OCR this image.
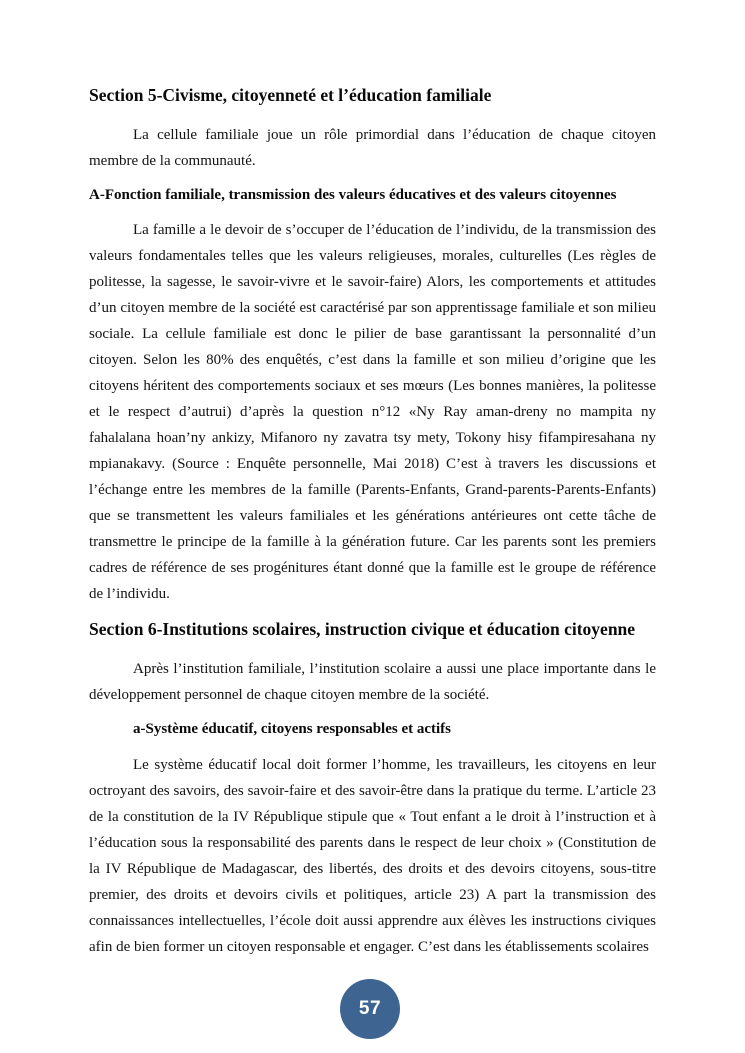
Section 5-Civisme, citoyenneté et l’éducation familiale

La cellule familiale joue un rôle primordial dans l’éducation de chaque citoyen membre de la communauté.

A-Fonction familiale, transmission des valeurs éducatives et des valeurs citoyennes

La famille a le devoir de s’occuper de l’éducation de l’individu, de la transmission des valeurs fondamentales telles que les valeurs religieuses, morales, culturelles (Les règles de politesse, la sagesse, le savoir-vivre et le savoir-faire) Alors, les comportements et attitudes d’un citoyen membre de la société est caractérisé par son apprentissage familiale et son milieu sociale. La cellule familiale est donc le pilier de base garantissant la personnalité d’un citoyen. Selon les 80% des enquêtés, c’est dans la famille et son milieu d’origine que les citoyens héritent des comportements sociaux et ses mœurs (Les bonnes manières, la politesse et le respect d’autrui) d’après la question n°12 «Ny Ray aman-dreny no mampita ny fahalalana hoan’ny ankizy, Mifanoro ny zavatra tsy mety, Tokony hisy fifampiresahana ny mpianakavy. (Source : Enquête personnelle, Mai 2018) C’est à travers les discussions et l’échange entre les membres de la famille (Parents-Enfants, Grand-parents-Parents-Enfants) que se transmettent les valeurs familiales et les générations antérieures ont cette tâche de transmettre le principe de la famille à la génération future. Car les parents sont les premiers cadres de référence de ses progénitures étant donné que la famille est le groupe de référence de l’individu.

Section 6-Institutions scolaires, instruction civique et éducation citoyenne

Après l’institution familiale, l’institution scolaire a aussi une place importante dans le développement personnel de chaque citoyen membre de la société.

a-Système éducatif, citoyens responsables et actifs

Le système éducatif local doit former l’homme, les travailleurs, les citoyens en leur octroyant des savoirs, des savoir-faire et des savoir-être dans la pratique du terme. L’article 23 de la constitution de la IV République stipule que « Tout enfant a le droit à l’instruction et à l’éducation sous la responsabilité des parents dans le respect de leur choix » (Constitution de la IV République de Madagascar, des libertés, des droits et des devoirs citoyens, sous-titre premier, des droits et devoirs civils et politiques, article 23) A part la transmission des connaissances intellectuelles, l’école doit aussi apprendre aux élèves les instructions civiques afin de bien former un citoyen responsable et engager. C’est dans les établissements scolaires

57
